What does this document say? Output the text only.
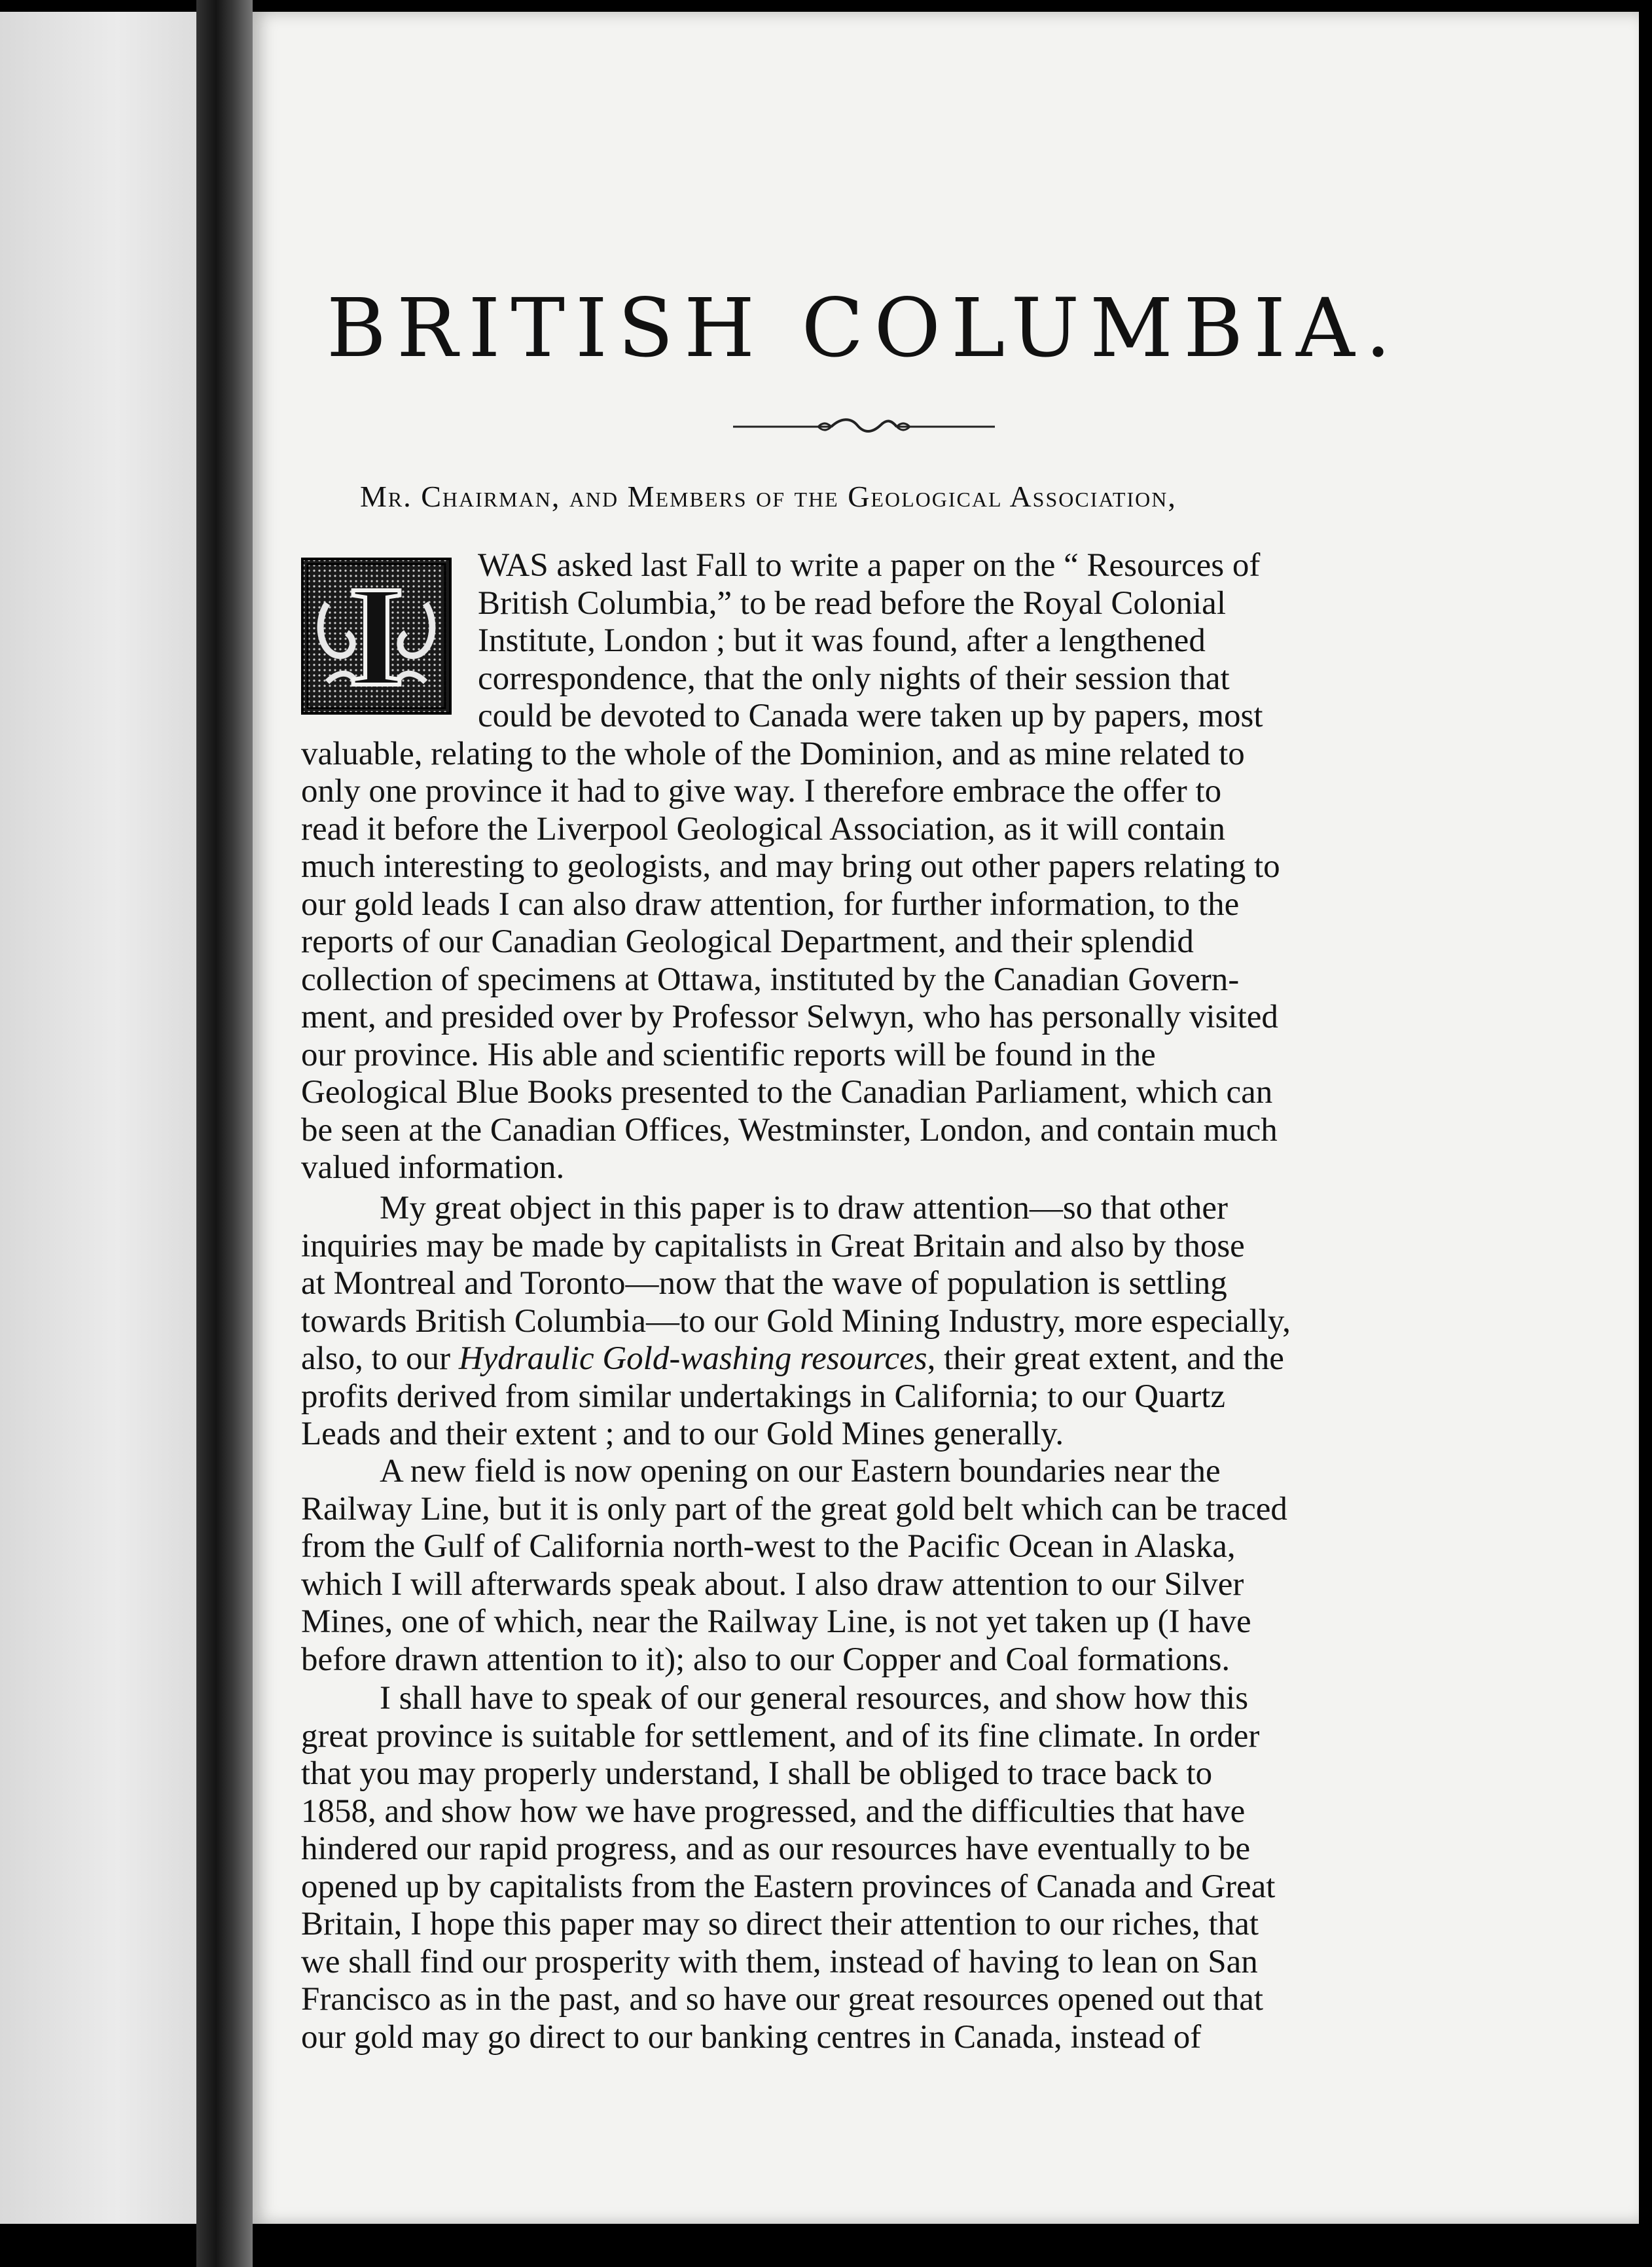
BRITISH COLUMBIA.
Mr. Chairman, and Members of the Geological Association,
I	WAS asked last Fall to write a paper on the “ Resources of
British Columbia,” to be read before the Royal Colonial
Institute, London ; but it was found, after a lengthened
correspondence, that the only nights of their session that
could be devoted to Canada were taken up by papers, most
valuable, relating to the whole of the Dominion, and as mine related to
only one province it had to give way. I therefore embrace the offer to
read it before the Liverpool Geological Association, as it will contain
much interesting to geologists, and may bring out other papers relating to
our gold leads I can also draw attention, for further information, to the
reports of our Canadian Geological Department, and their splendid
collection of specimens at Ottawa, instituted by the Canadian Govern-
ment, and presided over by Professor Selwyn, who has personally visited
our province. His able and scientific reports will be found in the
Geological Blue Books presented to the Canadian Parliament, which can
be seen at the Canadian Offices, Westminster, London, and contain much
valued information.
My great object in this paper is to draw attention—so that other
inquiries may be made by capitalists in Great Britain and also by those
at Montreal and Toronto—now that the wave of population is settling
towards British Columbia—to our Gold Mining Industry, more especially,
also, to our Hydraulic Gold-washing resources, their great extent, and the
profits derived from similar undertakings in California; to our Quartz
Leads and their extent ; and to our Gold Mines generally.
A new field is now opening on our Eastern boundaries near the
Railway Line, but it is only part of the great gold belt which can be traced
from the Gulf of California north-west to the Pacific Ocean in Alaska,
which I will afterwards speak about. I also draw attention to our Silver
Mines, one of which, near the Railway Line, is not yet taken up (I have
before drawn attention to it); also to our Copper and Coal formations.
I shall have to speak of our general resources, and show how this
great province is suitable for settlement, and of its fine climate. In order
that you may properly understand, I shall be obliged to trace back to
1858, and show how we have progressed, and the difficulties that have
hindered our rapid progress, and as our resources have eventually to be
opened up by capitalists from the Eastern provinces of Canada and Great
Britain, I hope this paper may so direct their attention to our riches, that
we shall find our prosperity with them, instead of having to lean on San
Francisco as in the past, and so have our great resources opened out that
our gold may go direct to our banking centres in Canada, instead of
